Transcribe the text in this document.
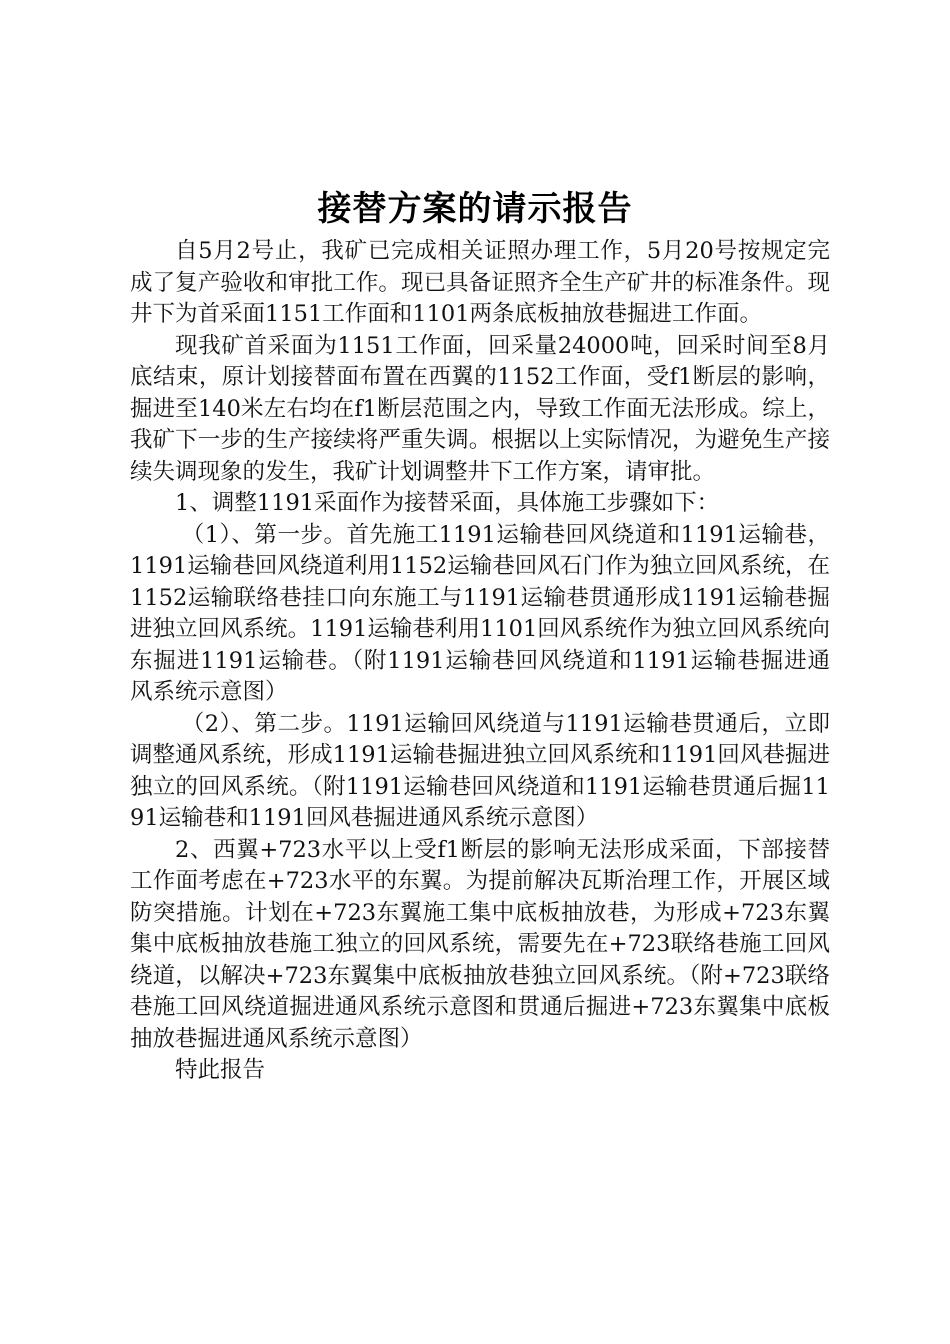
接替方案的请示报告

自5月2号止，我矿已完成相关证照办理工作，5月20号按规定完成了复产验收和审批工作。现已具备证照齐全生产矿井的标准条件。现井下为首采面1151工作面和1101两条底板抽放巷掘进工作面。

现我矿首采面为1151工作面，回采量24000吨，回采时间至8月底结束，原计划接替面布置在西翼的1152工作面，受f1断层的影响，掘进至140米左右均在f1断层范围之内，导致工作面无法形成。综上，我矿下一步的生产接续将严重失调。根据以上实际情况，为避免生产接续失调现象的发生，我矿计划调整井下工作方案，请审批。

1、调整1191采面作为接替采面，具体施工步骤如下：

（1）、第一步。首先施工1191运输巷回风绕道和1191运输巷，1191运输巷回风绕道利用1152运输巷回风石门作为独立回风系统，在1152运输联络巷挂口向东施工与1191运输巷贯通形成1191运输巷掘进独立回风系统。1191运输巷利用1101回风系统作为独立回风系统向东掘进1191运输巷。（附1191运输巷回风绕道和1191运输巷掘进通风系统示意图）

（2）、第二步。1191运输回风绕道与1191运输巷贯通后，立即调整通风系统，形成1191运输巷掘进独立回风系统和1191回风巷掘进独立的回风系统。（附1191运输巷回风绕道和1191运输巷贯通后掘1191运输巷和1191回风巷掘进通风系统示意图）

2、西翼+723水平以上受f1断层的影响无法形成采面，下部接替工作面考虑在+723水平的东翼。为提前解决瓦斯治理工作，开展区域防突措施。计划在+723东翼施工集中底板抽放巷，为形成+723东翼集中底板抽放巷施工独立的回风系统，需要先在+723联络巷施工回风绕道，以解决+723东翼集中底板抽放巷独立回风系统。（附+723联络巷施工回风绕道掘进通风系统示意图和贯通后掘进+723东翼集中底板抽放巷掘进通风系统示意图）

特此报告
